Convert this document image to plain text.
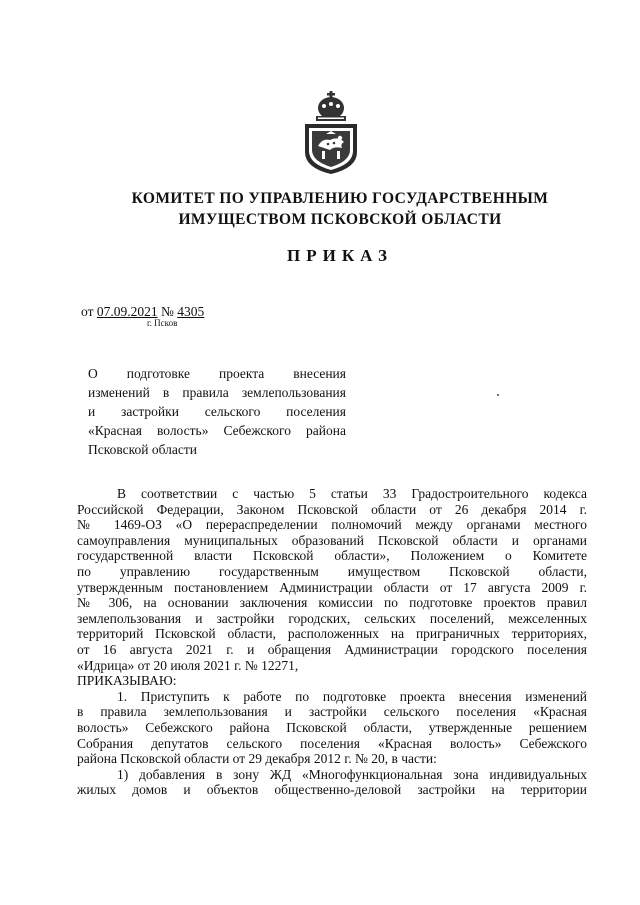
КОМИТЕТ ПО УПРАВЛЕНИЮ ГОСУДАРСТВЕННЫМ
ИМУЩЕСТВОМ ПСКОВСКОЙ ОБЛАСТИ
ПРИКАЗ
от 07.09.2021 № 4305
г. Псков
О подготовке проекта внесения
изменений в правила землепользования
и застройки сельского поселения
«Красная волость» Себежского района
Псковской области
В соответствии с частью 5 статьи 33 Градостроительного кодекса
Российской Федерации, Законом Псковской области от 26 декабря 2014 г.
№ 1469-ОЗ «О перераспределении полномочий между органами местного
самоуправления муниципальных образований Псковской области и органами
государственной власти Псковской области», Положением о Комитете
по управлению государственным имуществом Псковской области,
утвержденным постановлением Администрации области от 17 августа 2009 г.
№ 306, на основании заключения комиссии по подготовке проектов правил
землепользования и застройки городских, сельских поселений, межселенных
территорий Псковской области, расположенных на приграничных территориях,
от 16 августа 2021 г. и обращения Администрации городского поселения
«Идрица» от 20 июля 2021 г. № 12271,
ПРИКАЗЫВАЮ:
1. Приступить к работе по подготовке проекта внесения изменений
в правила землепользования и застройки сельского поселения «Красная
волость» Себежского района Псковской области, утвержденные решением
Собрания депутатов сельского поселения «Красная волость» Себежского
района Псковской области от 29 декабря 2012 г. № 20, в части:
1) добавления в зону ЖД «Многофункциональная зона индивидуальных
жилых домов и объектов общественно-деловой застройки на территории
